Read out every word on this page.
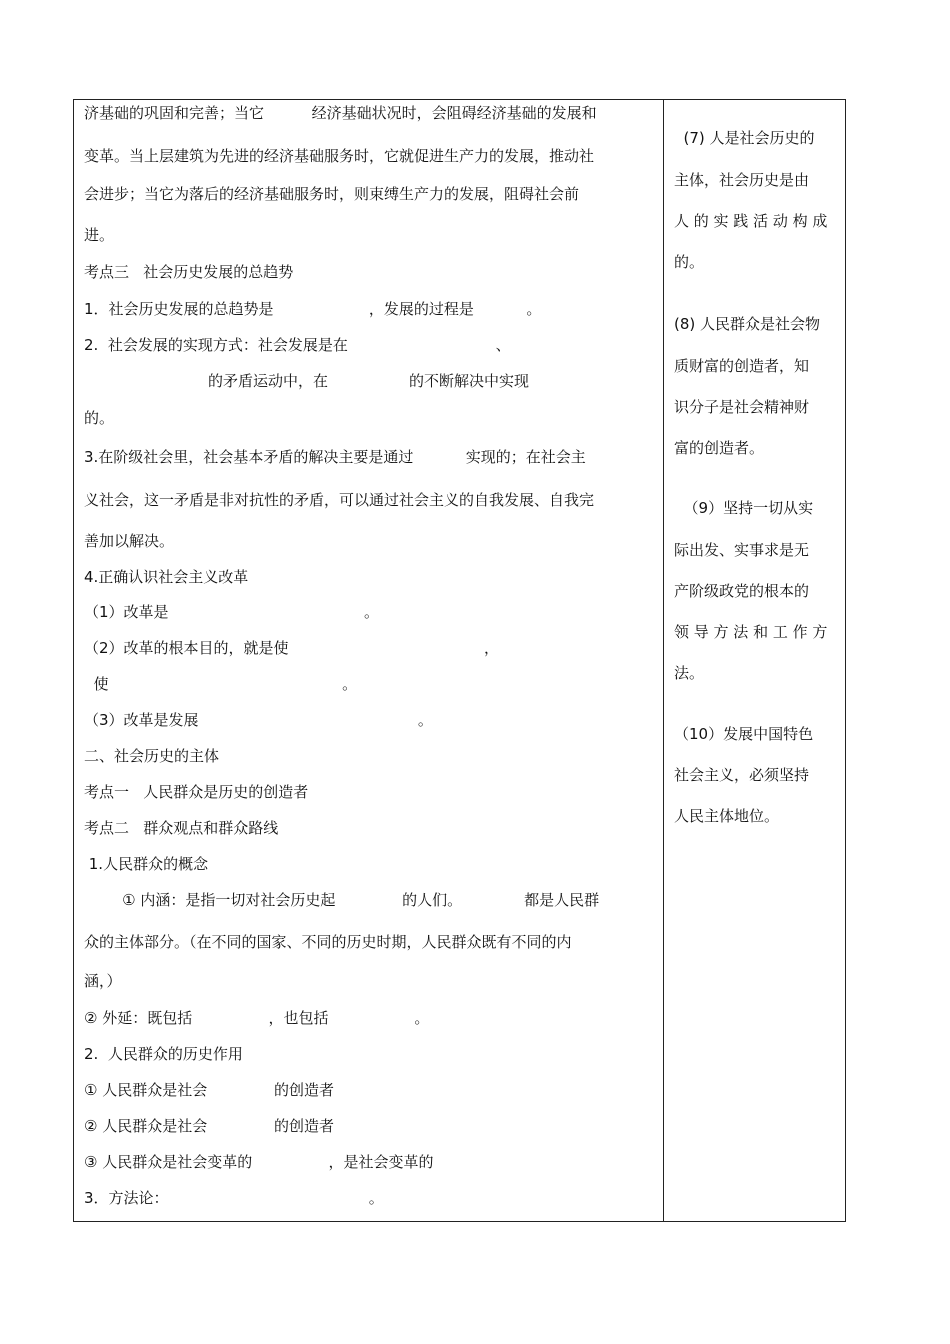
济基础的巩固和完善；当它          经济基础状况时，会阻碍经济基础的发展和
变革。当上层建筑为先进的经济基础服务时，它就促进生产力的发展，推动社
会进步；当它为落后的经济基础服务时，则束缚生产力的发展，阻碍社会前
进。
考点三   社会历史发展的总趋势
1．社会历史发展的总趋势是                    ，发展的过程是           。
2.  社会发展的实现方式：社会发展是在                               、
的矛盾运动中，在                 的不断解决中实现
的。
3.在阶级社会里，社会基本矛盾的解决主要是通过           实现的；在社会主
义社会，这一矛盾是非对抗性的矛盾，可以通过社会主义的自我发展、自我完
善加以解决。
4.正确认识社会主义改革
（1）改革是                                         。
（2）改革的根本目的，就是使                                         ，
使                                                 。
（3）改革是发展                                              。
二、社会历史的主体
考点一   人民群众是历史的创造者
考点二   群众观点和群众路线
1.人民群众的概念
① 内涵：是指一切对社会历史起              的人们。             都是人民群
众的主体部分。（在不同的国家、不同的历史时期，人民群众既有不同的内
涵，）
② 外延：既包括                ，也包括                  。
2.  人民群众的历史作用
① 人民群众是社会              的创造者
② 人民群众是社会              的创造者
③ 人民群众是社会变革的                ，是社会变革的
3．方法论：                                          。
(7) 人是社会历史的
主体，社会历史是由
人 的 实 践 活 动 构 成
的。
(8) 人民群众是社会物
质财富的创造者，知
识分子是社会精神财
富的创造者。
（9）坚持一切从实
际出发、实事求是无
产阶级政党的根本的
领 导 方 法 和 工 作 方
法。
（10）发展中国特色
社会主义，必须坚持
人民主体地位。
